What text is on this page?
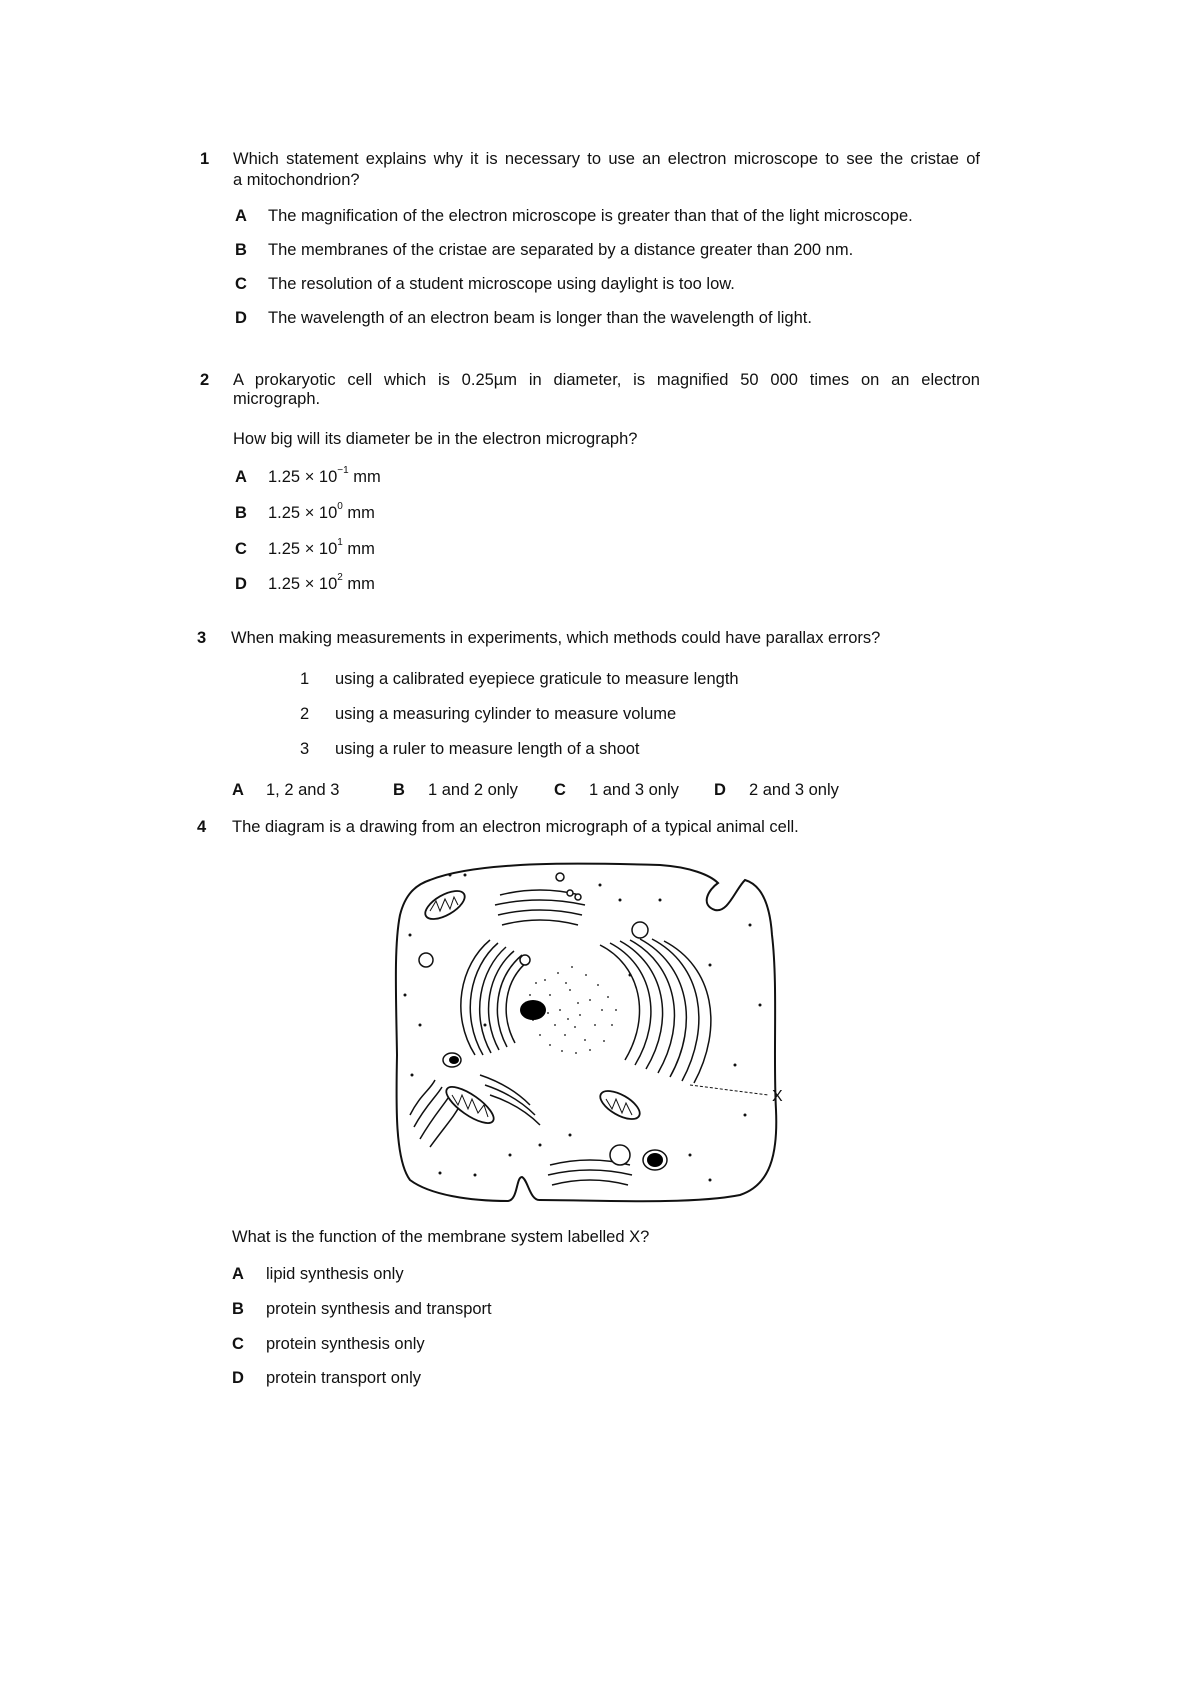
1 Which statement explains why it is necessary to use an electron microscope to see the cristae of
a mitochondrion?
A The magnification of the electron microscope is greater than that of the light microscope.
B The membranes of the cristae are separated by a distance greater than 200 nm.
C The resolution of a student microscope using daylight is too low.
D The wavelength of an electron beam is longer than the wavelength of light.
2 A prokaryotic cell which is 0.25µm in diameter, is magnified 50 000 times on an electron
micrograph.
How big will its diameter be in the electron micrograph?
A $1.25 \times 10^{-1}$ mm
B $1.25 \times 10^0$ mm
C $1.25 \times 10^1$ mm
D $1.25 \times 10^2$ mm
3 When making measurements in experiments, which methods could have parallax errors?
1 using a calibrated eyepiece graticule to measure length
2 using a measuring cylinder to measure volume
3 using a ruler to measure length of a shoot
A 1, 2 and 3	B 1 and 2 only C 1 and 3 only D 2 and 3 only
4 The diagram is a drawing from an electron micrograph of a typical animal cell.
X
What is the function of the membrane system labelled X?
A lipid synthesis only
B protein synthesis and transport
C protein synthesis only
D protein transport only
